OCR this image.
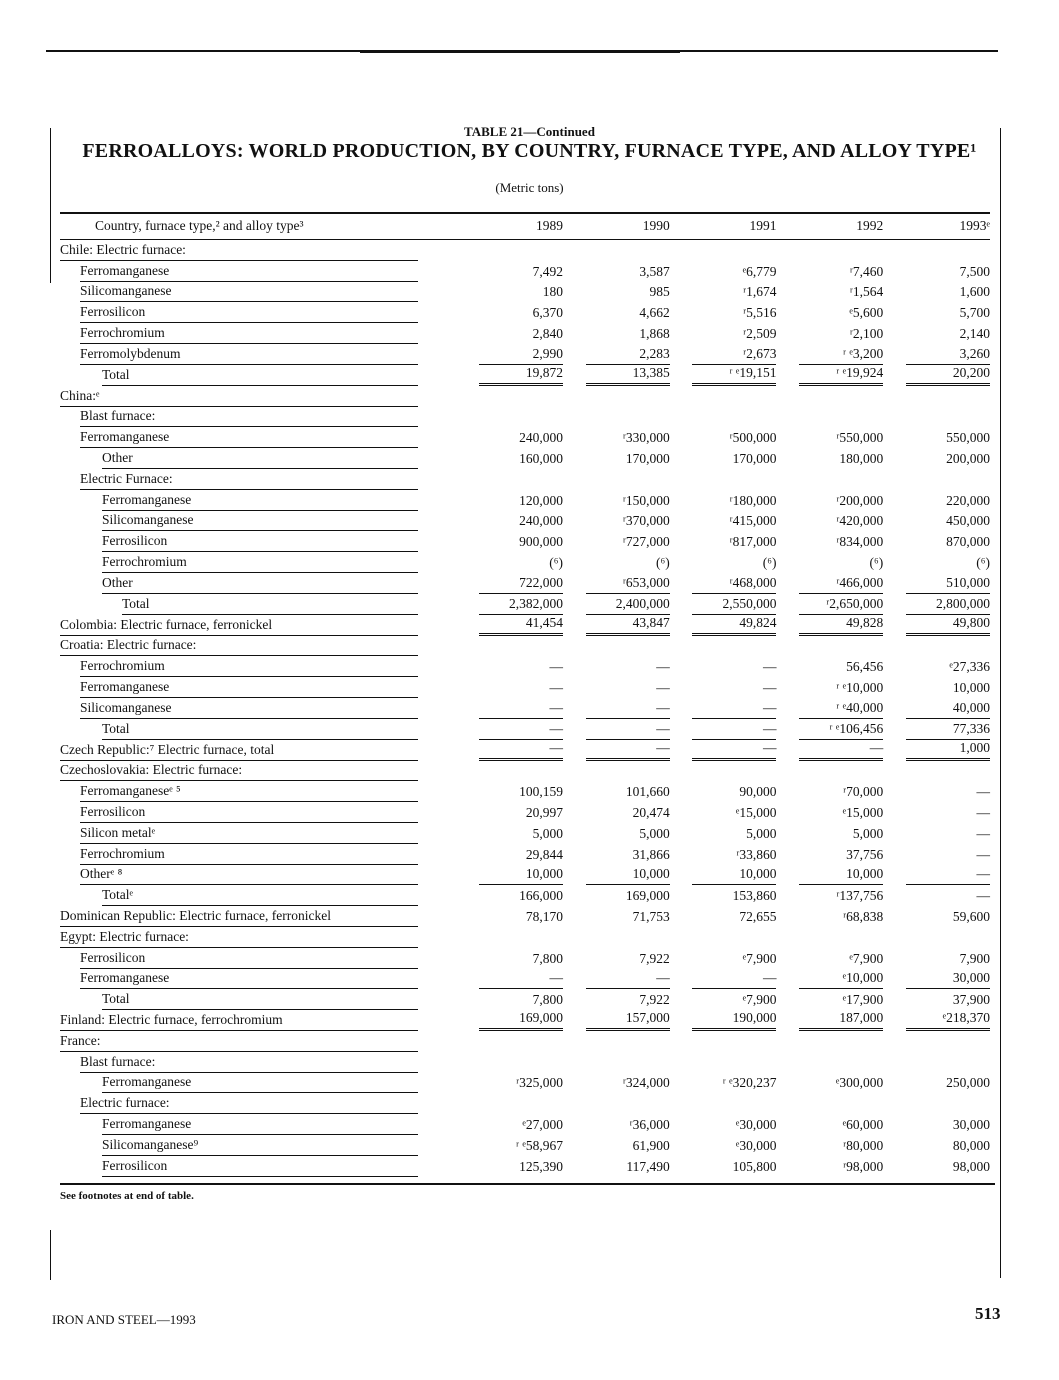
TABLE 21—Continued
FERROALLOYS: WORLD PRODUCTION, BY COUNTRY, FURNACE TYPE, AND ALLOY TYPE¹
(Metric tons)
Country, furnace type,² and alloy type³	1989	1990	1991	1992	1993ᵉ
Chile: Electric furnace:					
Ferromanganese	7,492	3,587	ᵉ6,779	ʳ7,460	7,500
Silicomanganese	180	985	ʳ1,674	ʳ1,564	1,600
Ferrosilicon	6,370	4,662	ʳ5,516	ᵉ5,600	5,700
Ferrochromium	2,840	1,868	ʳ2,509	ʳ2,100	2,140
Ferromolybdenum	2,990	2,283	ʳ2,673	ʳ ᵉ3,200	3,260
Total	19,872	13,385	ʳ ᵉ19,151	ʳ ᵉ19,924	20,200
China:ᵉ					
Blast furnace:					
Ferromanganese	240,000	ʳ330,000	ʳ500,000	ʳ550,000	550,000
Other	160,000	170,000	170,000	180,000	200,000
Electric Furnace:					
Ferromanganese	120,000	ʳ150,000	ʳ180,000	ʳ200,000	220,000
Silicomanganese	240,000	ʳ370,000	ʳ415,000	ʳ420,000	450,000
Ferrosilicon	900,000	ʳ727,000	ʳ817,000	ʳ834,000	870,000
Ferrochromium	(⁶)	(⁶)	(⁶)	(⁶)	(⁶)
Other	722,000	ʳ653,000	ʳ468,000	ʳ466,000	510,000
Total	2,382,000	2,400,000	2,550,000	ʳ2,650,000	2,800,000
Colombia: Electric furnace, ferronickel	41,454	43,847	49,824	49,828	49,800
Croatia: Electric furnace:					
Ferrochromium	—	—	—	56,456	ᵉ27,336
Ferromanganese	—	—	—	ʳ ᵉ10,000	10,000
Silicomanganese	—	—	—	ʳ ᵉ40,000	40,000
Total	—	—	—	ʳ ᵉ106,456	77,336
Czech Republic:⁷ Electric furnace, total	—	—	—	—	1,000
Czechoslovakia: Electric furnace:					
Ferromanganeseᵉ ⁵	100,159	101,660	90,000	ʳ70,000	—
Ferrosilicon	20,997	20,474	ᵉ15,000	ᵉ15,000	—
Silicon metalᵉ	5,000	5,000	5,000	5,000	—
Ferrochromium	29,844	31,866	ʳ33,860	37,756	—
Otherᵉ ⁸	10,000	10,000	10,000	10,000	—
Totalᵉ	166,000	169,000	153,860	ʳ137,756	—
Dominican Republic: Electric furnace, ferronickel	78,170	71,753	72,655	ʳ68,838	59,600
Egypt: Electric furnace:					
Ferrosilicon	7,800	7,922	ᵉ7,900	ᵉ7,900	7,900
Ferromanganese	—	—	—	ᵉ10,000	30,000
Total	7,800	7,922	ᵉ7,900	ᵉ17,900	37,900
Finland: Electric furnace, ferrochromium	169,000	157,000	190,000	187,000	ᵉ218,370
France:					
Blast furnace:					
Ferromanganese	ʳ325,000	ʳ324,000	ʳ ᵉ320,237	ᵉ300,000	250,000
Electric furnace:					
Ferromanganese	ᵉ27,000	ʳ36,000	ᵉ30,000	ᵉ60,000	30,000
Silicomanganese⁹	ʳ ᵉ58,967	61,900	ᵉ30,000	ʳ80,000	80,000
Ferrosilicon	125,390	117,490	105,800	ʳ98,000	98,000
See footnotes at end of table.
IRON AND STEEL—1993	513
